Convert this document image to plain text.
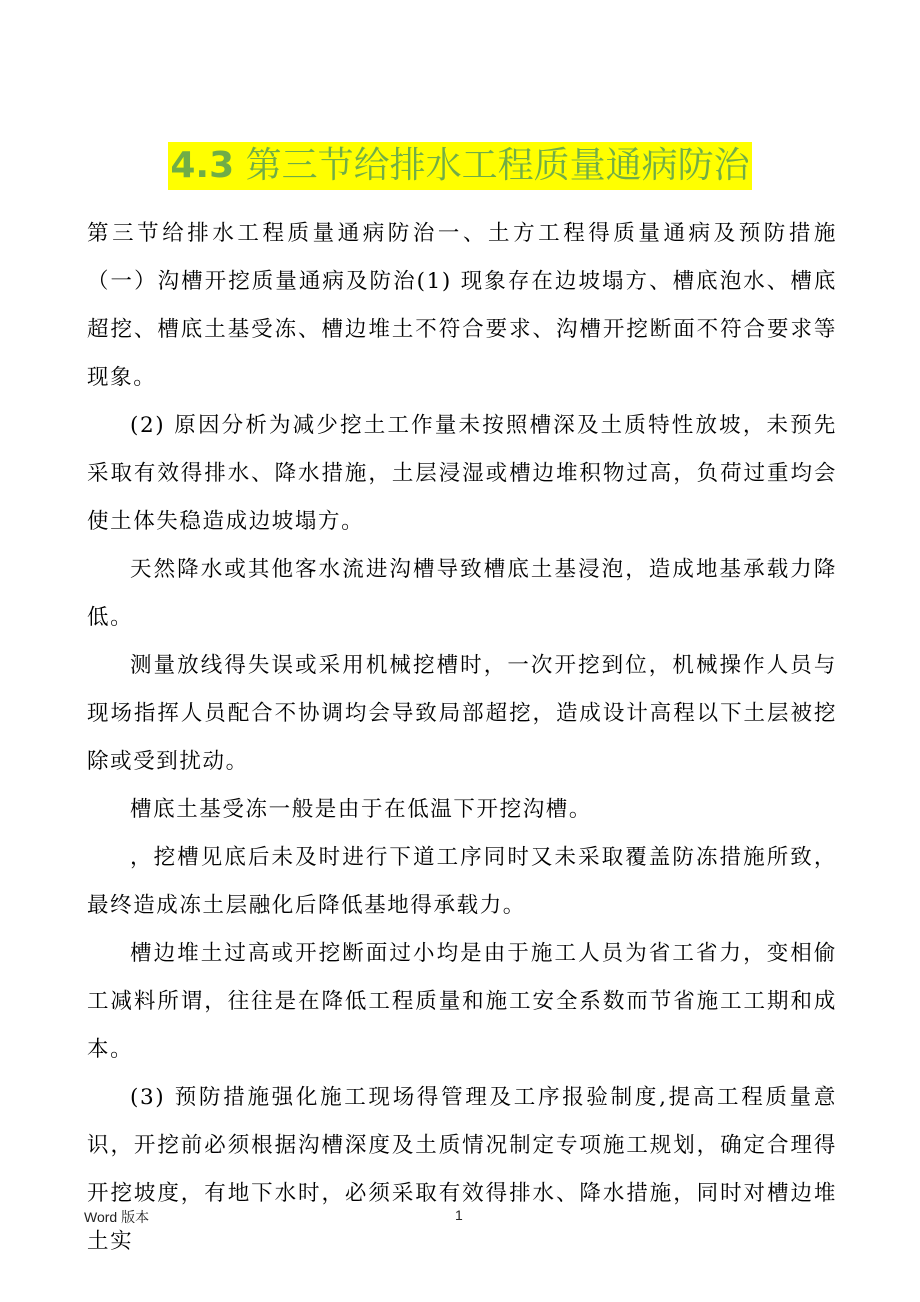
4.3 第三节给排水工程质量通病防治

第三节给排水工程质量通病防治一、土方工程得质量通病及预防措施（一）沟槽开挖质量通病及防治(1) 现象存在边坡塌方、槽底泡水、槽底超挖、槽底土基受冻、槽边堆土不符合要求、沟槽开挖断面不符合要求等现象。

(2) 原因分析为减少挖土工作量未按照槽深及土质特性放坡，未预先采取有效得排水、降水措施，土层浸湿或槽边堆积物过高，负荷过重均会使土体失稳造成边坡塌方。

天然降水或其他客水流进沟槽导致槽底土基浸泡，造成地基承载力降低。

测量放线得失误或采用机械挖槽时，一次开挖到位，机械操作人员与现场指挥人员配合不协调均会导致局部超挖，造成设计高程以下土层被挖除或受到扰动。

槽底土基受冻一般是由于在低温下开挖沟槽。

，挖槽见底后未及时进行下道工序同时又未采取覆盖防冻措施所致，最终造成冻土层融化后降低基地得承载力。

槽边堆土过高或开挖断面过小均是由于施工人员为省工省力，变相偷工减料所谓，往往是在降低工程质量和施工安全系数而节省施工工期和成本。

(3) 预防措施强化施工现场得管理及工序报验制度,提高工程质量意识，开挖前必须根据沟槽深度及土质情况制定专项施工规划，确定合理得开挖坡度，有地下水时，必须采取有效得排水、降水措施，同时对槽边堆土实

Word 版本	1
